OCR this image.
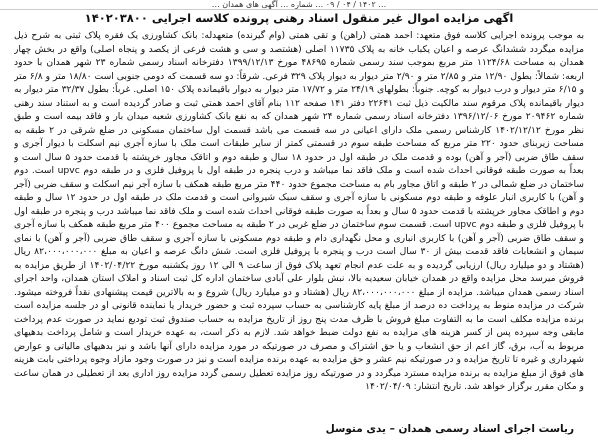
… ۱۴۰۲ / ۰۴ / ۰۹ … شماره … آگهی های همدان …
اگهی مزایده اموال غیر منقول اسناد رهنی پرونده کلاسه اجرایی ۱۴۰۲۰۳۸۰۰

به موجب پرونده اجرایی کلاسه فوق متعهد: احمد همتی (راهن) و تقی همتی (وام گیرنده) متعهدله: بانک کشاورزی یک فقره پلاک ثبتی به شرح ذیل مزایده میگردد ششدانگ عرصه و اعیان یکباب خانه به پلاک ۱۱۷۳۵ اصلی (هشتصد و سی و هشت فرعی از یکصد و پنجاه اصلی) واقع در بخش چهار همدان به مساحت ۱۱۲۴/۶۸ متر مربع بموجب سند رسمی شماره ۴۸۶۹۵ مورخ ۱۳۹۹/۱۲/۱۳ دفترخانه اسناد رسمی شماره ۲۳ شهر همدان با حدود اربعه: شمالاً: بطول ۱۲/۹۰ متر و ۲/۸۵ متر و ۲/۹۰ متر دیوار به دیوار پلاک ۳۲۹ فرعی. شرقاً: دو سه قسمت که دومی جنوبی است ۱۸/۸۰ متر و ۶/۸ متر و ۶/۱۵ متر دیوار و درب دیوار به کوچه. جنوباً: بطولهای ۲۴/۱۹ متر و ۱۷/۷۲ متر دیوار به دیوار باقیمانده پلاک ۱۵۰ اصلی. غرباً: بطول ۳۲/۳۷ متر دیوار به دیوار باقیمانده پلاک مرقوم سند مالکیت ذیل ثبت ۲۲۶۴۱ دفتر ۱۴۱ صفحه ۱۱۲ بنام آقای احمد همتی ثبت و صادر گردیده است و به استناد سند رهنی شماره ۲۰۹۴۶۲ مورخ ۱۳۹۶/۱۲/۰۶ دفترخانه اسناد رسمی شماره ۲۴ شهر همدان که به نفع بانک کشاورزی شعبه میدان بار و فاقد بیمه است و طبق نظر مورخ ۱۴۰۲/۱۲/۱۲ کارشناس رسمی ملک دارای اعیانی در سه قسمت می باشد قسمت اول ساختمان مسکونی در ضلع شرقی در ۲ طبقه به مساحت زیربنای حدود ۲۲۰ متر مربع که مساحت طبقه سوم در قسمتی کمتر از سایر طبقات است ملک با سازه آجری نیم اسکلت با دیوار آجری و سقف طاق ضربی (آجر و آهن) بوده و قدمت ملک در طبقه اول در حدود ۱۸ سال و طبقه دوم و اتاقک مجاور خرپشته با قدمت حدود ۵ سال است و بعداً به صورت طبقه فوقانی احداث شده است و ملک فاقد نما میباشد و درب پنجره در طبقه اول با پروفیل فلزی و در طبقه دوم upvc است. دوم ساختمان در ضلع شمالی در ۲ طبقه و اتاق مجاور بام به مساحت مجموع حدود ۴۴۰ متر مربع طبقه همکف با سازه آجر نیم اسکلت و سقف ضربی (آجر و آهن) با کاربری انبار علوفه و طبقه دوم مسکونی با سازه آجری و سقف سبک شیروانی است و قدمت ملک در طبقه اول در حدود ۱۲ سال و طبقه دوم و اطاقک مجاور خرپشته با قدمت حدود ۵ سال و بعداً به صورت طبقه فوقانی احداث شده است و ملک فاقد نما میباشد درب و پنجره در طبقه اول با پروفیل فلزی و طبقه دوم upvc است. قسمت سوم ساختمان در ضلع غربی در ۲ طبقه به مساحت مجموع ۴۰۰ متر مربع طبقه همکف با سازه آجری و سقف طاق ضربی (آجر و آهن) با کاربری انباری و محل نگهداری دام و طبقه دوم مسکونی با سازه آجری و سقف طاق ضربی (آجر و آهن) با نمای سیمان و انشعابات فاقد قدمت بیش از ۳۰ سال است درب و پنجره با پروفیل فلزی است. شش دانگ عرصه و اعیان به مبلغ ۸۲،۰۰۰،۰۰۰،۰۰۰ ریال (هشتاد و دو میلیارد ریال) ارزیابی گردیده و به علت عدم انجام تعهد پلاک فوق از ساعت ۹ الی ۱۲ روز یکشنبه مورخ ۱۴۰۲/۰۴/۲۲ از طریق مزایده به فروش میرسد محل مزایده واقع در همدان خیابان سعیدیه بالا، نبش بلوار علی آبادی ساختمان اداره کل ثبت اسناد و املاک استان همدان، واحد اجرای اسناد رسمی همدان میباشد. مزایده از مبلغ ۸۲،۰۰۰،۰۰۰،۰۰۰ ریال (هشتاد و دو میلیارد ریال) شروع و به بالاترین قیمت پیشنهادی نقداً فروخته میشود. شرکت در مزایده منوط به پرداخت ده درصد از مبلغ پایه کارشناسی به حساب سپرده ثبت و حضور خریدار یا نماینده قانونی او در جلسه مزایده است برنده مزایده مکلف است ما به التفاوت مبلغ فروش با ظرف مدت پنج روز از تاریخ مزایده به حساب صندوق ثبت تودیع نماید در صورت عدم پرداخت مابقی وجه سپرده پس از کسر هزینه های مزایده به نفع دولت ضبط خواهد شد. لازم به ذکر است، به عهده خریدار است و شامل پرداخت بدهیهای مربوط به آب، برق، گاز اعم از حق انشعاب و یا حق اشتراک و مصرف در صورتیکه در مورد مزایده دارای آنها باشد و نیز بدهیهای مالیاتی و عوارض شهرداری و غیره تا تاریخ مزایده و در صورتیکه نیم عشر و حق مزایده به عهده برنده مزایده است و نیز در صورت وجود مازاد وجوه پرداختی بابت هزینه های فوق از مبلغ مزایده به برنده مزایده مسترد میگردد و در صورتیکه روز مزایده تعطیل رسمی گردد مزایده روز اداری بعد از تعطیلی در همان ساعت و مکان مقرر برگزار خواهد شد. تاریخ انتشار: ۱۴۰۲/۰۴/۰۹

ریاست اجرای اسناد رسمی همدان – یدی متوسل
